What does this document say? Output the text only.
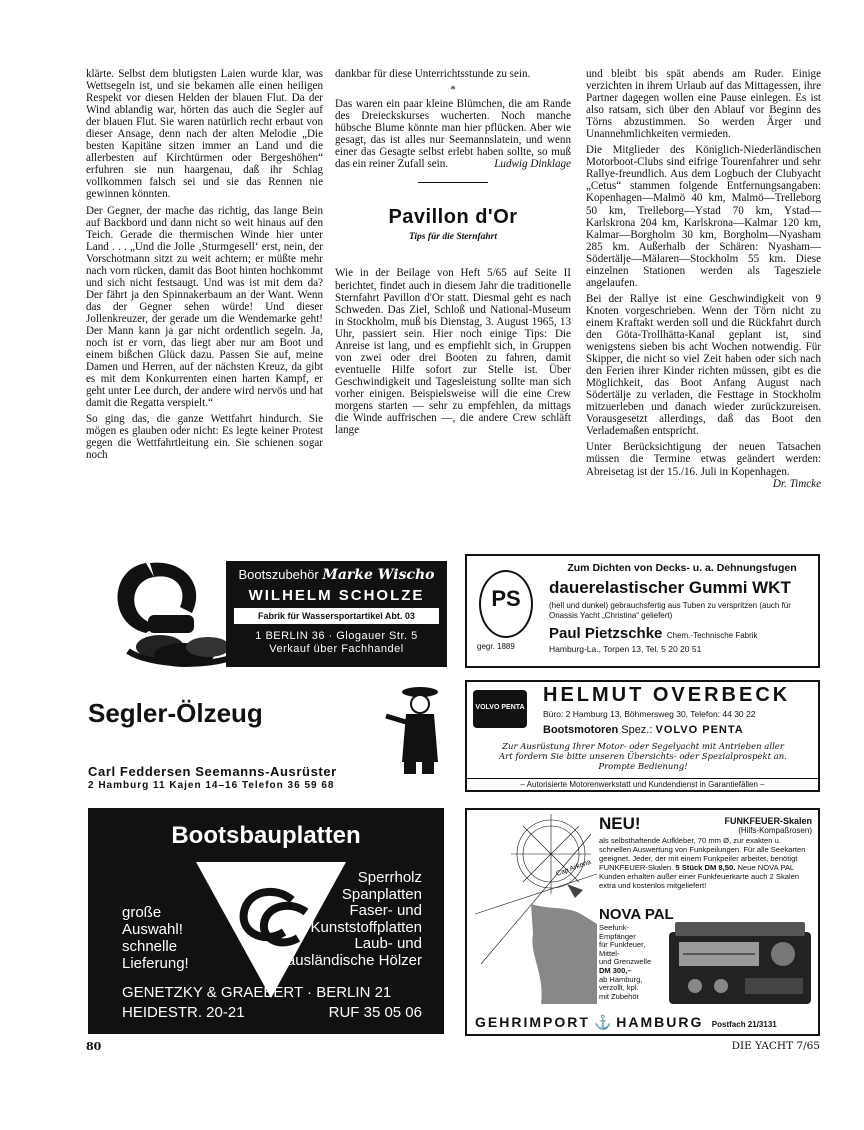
klärte. Selbst dem blutigsten Laien wurde klar, was Wettsegeln ist, und sie bekamen alle einen heiligen Respekt vor diesen Helden der blauen Flut. Da der Wind ablandig war, hörten das auch die Segler auf der blauen Flut. Sie waren natürlich recht erbaut von dieser Ansage, denn nach der alten Melodie „Die besten Kapitäne sitzen immer an Land und die allerbesten auf Kirchtürmen oder Bergeshöhen“ erfuhren sie nun haargenau, daß ihr Schlag vollkommen falsch sei und sie das Rennen nie gewinnen könnten.

Der Gegner, der mache das richtig, das lange Bein auf Backbord und dann nicht so weit hinaus auf den Teich. Gerade die thermischen Winde hier unter Land . . . „Und die Jolle ‚Sturmgesell‘ erst, nein, der Vorschotmann sitzt zu weit achtern; er müßte mehr nach vorn rücken, damit das Boot hinten hochkommt und sich nicht festsaugt. Und was ist mit dem da? Der fährt ja den Spinnakerbaum an der Want. Wenn das der Gegner sehen würde! Und dieser Jollenkreuzer, der gerade um die Wendemarke geht! Der Mann kann ja gar nicht ordentlich segeln. Ja, noch ist er vorn, das liegt aber nur am Boot und einem bißchen Glück dazu. Passen Sie auf, meine Damen und Herren, auf der nächsten Kreuz, da gibt es mit dem Konkurrenten einen harten Kampf, er geht unter Lee durch, der andere wird nervös und hat damit die Regatta verspielt.“

So ging das, die ganze Wettfahrt hindurch. Sie mögen es glauben oder nicht: Es legte keiner Protest gegen die Wettfahrtleitung ein. Sie schienen sogar noch

dankbar für diese Unterrichtsstunde zu sein.

*

Das waren ein paar kleine Blümchen, die am Rande des Dreieckskurses wucherten. Noch manche hübsche Blume könnte man hier pflücken. Aber wie gesagt, das ist alles nur Seemannslatein, und wenn einer das Gesagte selbst erlebt haben sollte, so muß das ein reiner Zufall sein.	Ludwig Dinklage

Pavillon d'Or
Tips für die Sternfahrt

Wie in der Beilage von Heft 5/65 auf Seite II berichtet, findet auch in diesem Jahr die traditionelle Sternfahrt Pavillon d'Or statt. Diesmal geht es nach Schweden. Das Ziel, Schloß und National-Museum in Stockholm, muß bis Dienstag, 3. August 1965, 13 Uhr, passiert sein. Hier noch einige Tips: Die Anreise ist lang, und es empfiehlt sich, in Gruppen von zwei oder drei Booten zu fahren, damit eventuelle Hilfe sofort zur Stelle ist. Über Geschwindigkeit und Tagesleistung sollte man sich vorher einigen. Beispielsweise will die eine Crew morgens starten — sehr zu empfehlen, da mittags die Winde auffrischen —, die andere Crew schläft lange

und bleibt bis spät abends am Ruder. Einige verzichten in ihrem Urlaub auf das Mittagessen, ihre Partner dagegen wollen eine Pause einlegen. Es ist also ratsam, sich über den Ablauf vor Beginn des Törns abzustimmen. So werden Ärger und Unannehmlichkeiten vermieden.

Die Mitglieder des Königlich-Niederländischen Motorboot-Clubs sind eifrige Tourenfahrer und sehr Rallye-freundlich. Aus dem Logbuch der Clubyacht „Cetus“ stammen folgende Entfernungsangaben: Kopenhagen—Malmö 40 km, Malmö—Trelleborg 50 km, Trelleborg—Ystad 70 km, Ystad—Karlskrona 204 km, Karlskrona—Kalmar 120 km, Kalmar—Borgholm 30 km, Borgholm—Nyasham 285 km. Außerhalb der Schären: Nyasham—Södertälje—Mälaren—Stockholm 55 km. Diese einzelnen Stationen werden als Tagesziele angelaufen.

Bei der Rallye ist eine Geschwindigkeit von 9 Knoten vorgeschrieben. Wenn der Törn nicht zu einem Kraftakt werden soll und die Rückfahrt durch den Göta-Trollhätta-Kanal geplant ist, sind wenigstens sieben bis acht Wochen notwendig. Für Skipper, die nicht so viel Zeit haben oder sich nach den Ferien ihrer Kinder richten müssen, gibt es die Möglichkeit, das Boot Anfang August nach Södertälje zu verladen, die Festtage in Stockholm mitzuerleben und danach wieder zurückzureisen. Vorausgesetzt allerdings, daß das Boot den Verlademaßen entspricht.

Unter Berücksichtigung der neuen Tatsachen müssen die Termine etwas geändert werden: Abreisetag ist der 15./16. Juli in Kopenhagen.
Dr. Timcke

Bootszubehör Marke Wischo
WILHELM SCHOLZE
Fabrik für Wassersportartikel Abt. 03
1 BERLIN 36 · Glogauer Str. 5
Verkauf über Fachhandel
PS
gegr. 1889
Zum Dichten von Decks- u. a. Dehnungsfugen
dauerelastischer Gummi WKT
(hell und dunkel) gebrauchsfertig aus Tuben zu verspritzen (auch für Onassis Yacht „Christina“ geliefert)
Paul Pietzschke Chem.-Technische Fabrik
Hamburg-La., Torpen 13, Tel. 5 20 20 51
Segler-Ölzeug
Carl Feddersen Seemanns-Ausrüster
2 Hamburg 11 Kajen 14–16 Telefon 36 59 68
VOLVO PENTA
HELMUT OVERBECK
Büro: 2 Hamburg 13, Böhmersweg 30, Telefon: 44 30 22
Bootsmotoren Spez.: VOLVO PENTA
Zur Ausrüstung Ihrer Motor- oder Segelyacht mit Antrieben aller
Art fordern Sie bitte unseren Übersichts- oder Spezialprospekt an.
Prompte Bedienung!
– Autorisierte Motorenwerkstatt und Kundendienst in Garantiefällen –
Bootsbauplatten
große
Auswahl!
schnelle
Lieferung!
Sperrholz
Spanplatten
Faser- und
Kunststoffplatten
Laub- und
ausländische Hölzer
GENETZKY & GRAEBERT · BERLIN 21
HEIDESTR. 20-21	RUF 35 05 06
Cap Arkona
NEU!	FUNKFEUER-Skalen
(Hilfs-Kompaßrosen)
als selbsthaftende Aufkleber, 70 mm Ø, zur exakten u. schnellen Auswertung von Funkpeilungen. Für alle Seekarten geeignet. Jeder, der mit einem Funkpeiler arbeitet, benötigt FUNKFEUER-Skalen. 5 Stück DM 8,50. Neue NOVA PAL Kunden erhalten außer einer Funkfeuerkarte auch 2 Skalen extra und kostenlos mitgeliefert!
NOVA PAL
Seefunk-
Empfänger
für Funkfeuer,
Mittel-
und Grenzwelle
DM 300,–
ab Hamburg,
verzollt, kpl.
mit Zubehör
GEHRIMPORT ⚓ HAMBURG Postfach 21/3131
80	DIE YACHT 7/65
